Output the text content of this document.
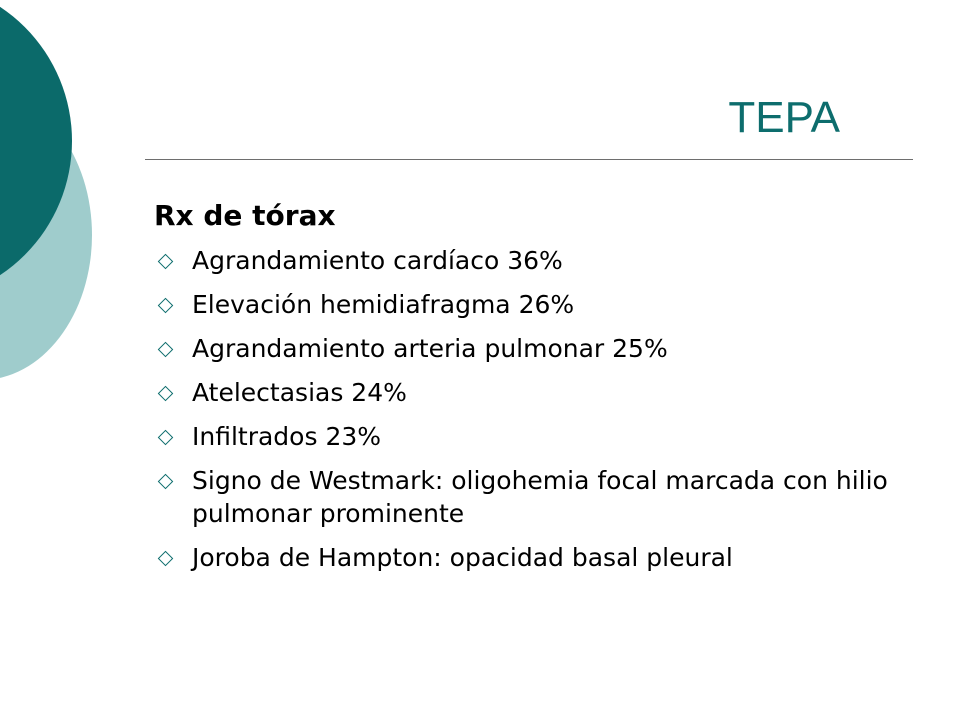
TEPA
Rx de tórax
Agrandamiento cardíaco 36%
Elevación hemidiafragma 26%
Agrandamiento arteria pulmonar 25%
Atelectasias 24%
Infiltrados 23%
Signo de Westmark: oligohemia focal marcada con hilio pulmonar prominente
Joroba de Hampton: opacidad basal pleural
